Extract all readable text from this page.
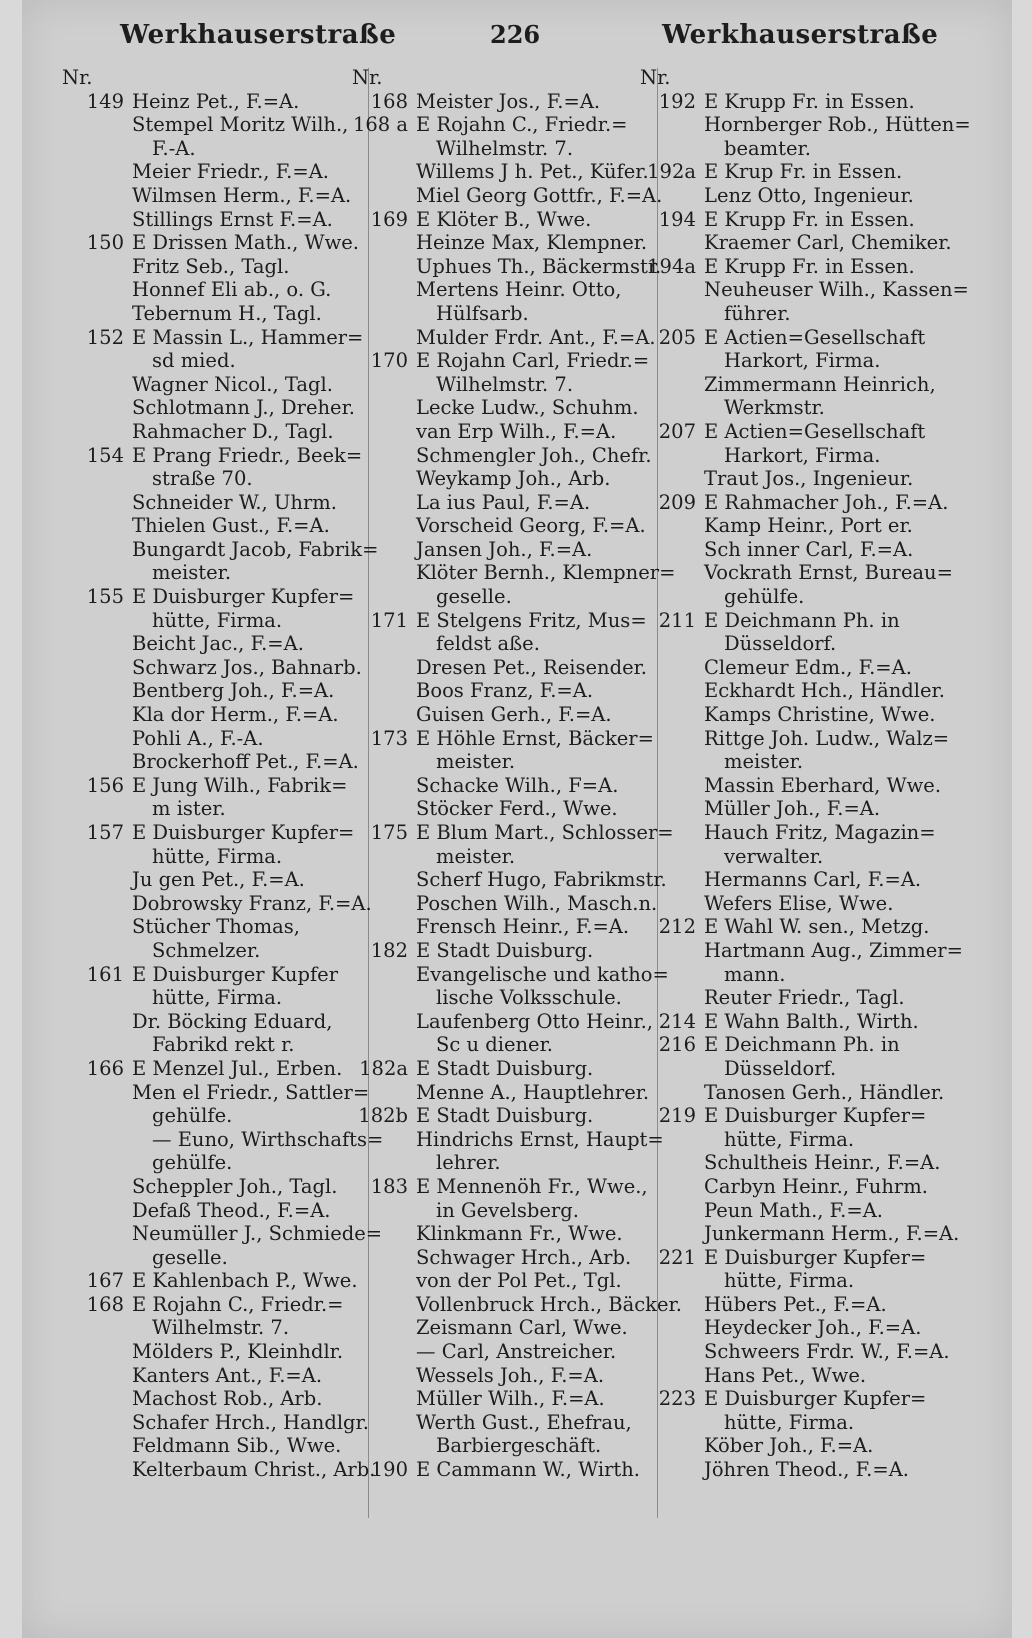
Werkhauserstraße	226	Werkhauserstraße
Nr.
149 Heinz Pet., F.=A.
Stempel Moritz Wilh.,
F.-A.
Meier Friedr., F.=A.
Wilmsen Herm., F.=A.
Stillings Ernst F.=A.
150 E Drissen Math., Wwe.
Fritz Seb., Tagl.
Honnef Eli ab., o. G.
Tebernum H., Tagl.
152 E Massin L., Hammer=
sd mied.
Wagner Nicol., Tagl.
Schlotmann J., Dreher.
Rahmacher D., Tagl.
154 E Prang Friedr., Beek=
straße 70.
Schneider W., Uhrm.
Thielen Gust., F.=A.
Bungardt Jacob, Fabrik=
meister.
155 E Duisburger Kupfer=
hütte, Firma.
Beicht Jac., F.=A.
Schwarz Jos., Bahnarb.
Bentberg Joh., F.=A.
Kla dor Herm., F.=A.
Pohli A., F.-A.
Brockerhoff Pet., F.=A.
156 E Jung Wilh., Fabrik=
m ister.
157 E Duisburger Kupfer=
hütte, Firma.
Ju gen Pet., F.=A.
Dobrowsky Franz, F.=A.
Stücher Thomas,
Schmelzer.
161 E Duisburger Kupfer
hütte, Firma.
Dr. Böcking Eduard,
Fabrikd rekt r.
166 E Menzel Jul., Erben.
Men el Friedr., Sattler=
gehülfe.
— Euno, Wirthschafts=
gehülfe.
Scheppler Joh., Tagl.
Defaß Theod., F.=A.
Neumüller J., Schmiede=
geselle.
167 E Kahlenbach P., Wwe.
168 E Rojahn C., Friedr.=
Wilhelmstr. 7.
Mölders P., Kleinhdlr.
Kanters Ant., F.=A.
Machost Rob., Arb.
Schafer Hrch., Handlgr.
Feldmann Sib., Wwe.
Kelterbaum Christ., Arb.
Nr.
168 Meister Jos., F.=A.
168 a E Rojahn C., Friedr.=
Wilhelmstr. 7.
Willems J h. Pet., Küfer.
Miel Georg Gottfr., F.=A.
169 E Klöter B., Wwe.
Heinze Max, Klempner.
Uphues Th., Bäckermstr.
Mertens Heinr. Otto,
Hülfsarb.
Mulder Frdr. Ant., F.=A.
170 E Rojahn Carl, Friedr.=
Wilhelmstr. 7.
Lecke Ludw., Schuhm.
van Erp Wilh., F.=A.
Schmengler Joh., Chefr.
Weykamp Joh., Arb.
La ius Paul, F.=A.
Vorscheid Georg, F.=A.
Jansen Joh., F.=A.
Klöter Bernh., Klempner=
geselle.
171 E Stelgens Fritz, Mus=
feldst aße.
Dresen Pet., Reisender.
Boos Franz, F.=A.
Guisen Gerh., F.=A.
173 E Höhle Ernst, Bäcker=
meister.
Schacke Wilh., F=A.
Stöcker Ferd., Wwe.
175 E Blum Mart., Schlosser=
meister.
Scherf Hugo, Fabrikmstr.
Poschen Wilh., Masch.n.
Frensch Heinr., F.=A.
182 E Stadt Duisburg.
Evangelische und katho=
lische Volksschule.
Laufenberg Otto Heinr.,
Sc u diener.
182a E Stadt Duisburg.
Menne A., Hauptlehrer.
182b E Stadt Duisburg.
Hindrichs Ernst, Haupt=
lehrer.
183 E Mennenöh Fr., Wwe.,
in Gevelsberg.
Klinkmann Fr., Wwe.
Schwager Hrch., Arb.
von der Pol Pet., Tgl.
Vollenbruck Hrch., Bäcker.
Zeismann Carl, Wwe.
— Carl, Anstreicher.
Wessels Joh., F.=A.
Müller Wilh., F.=A.
Werth Gust., Ehefrau,
Barbiergeschäft.
190 E Cammann W., Wirth.
Nr.
192 E Krupp Fr. in Essen.
Hornberger Rob., Hütten=
beamter.
192a E Krup Fr. in Essen.
Lenz Otto, Ingenieur.
194 E Krupp Fr. in Essen.
Kraemer Carl, Chemiker.
194a E Krupp Fr. in Essen.
Neuheuser Wilh., Kassen=
führer.
205 E Actien=Gesellschaft
Harkort, Firma.
Zimmermann Heinrich,
Werkmstr.
207 E Actien=Gesellschaft
Harkort, Firma.
Traut Jos., Ingenieur.
209 E Rahmacher Joh., F.=A.
Kamp Heinr., Port er.
Sch inner Carl, F.=A.
Vockrath Ernst, Bureau=
gehülfe.
211 E Deichmann Ph. in
Düsseldorf.
Clemeur Edm., F.=A.
Eckhardt Hch., Händler.
Kamps Christine, Wwe.
Rittge Joh. Ludw., Walz=
meister.
Massin Eberhard, Wwe.
Müller Joh., F.=A.
Hauch Fritz, Magazin=
verwalter.
Hermanns Carl, F.=A.
Wefers Elise, Wwe.
212 E Wahl W. sen., Metzg.
Hartmann Aug., Zimmer=
mann.
Reuter Friedr., Tagl.
214 E Wahn Balth., Wirth.
216 E Deichmann Ph. in
Düsseldorf.
Tanosen Gerh., Händler.
219 E Duisburger Kupfer=
hütte, Firma.
Schultheis Heinr., F.=A.
Carbyn Heinr., Fuhrm.
Peun Math., F.=A.
Junkermann Herm., F.=A.
221 E Duisburger Kupfer=
hütte, Firma.
Hübers Pet., F.=A.
Heydecker Joh., F.=A.
Schweers Frdr. W., F.=A.
Hans Pet., Wwe.
223 E Duisburger Kupfer=
hütte, Firma.
Köber Joh., F.=A.
Jöhren Theod., F.=A.
